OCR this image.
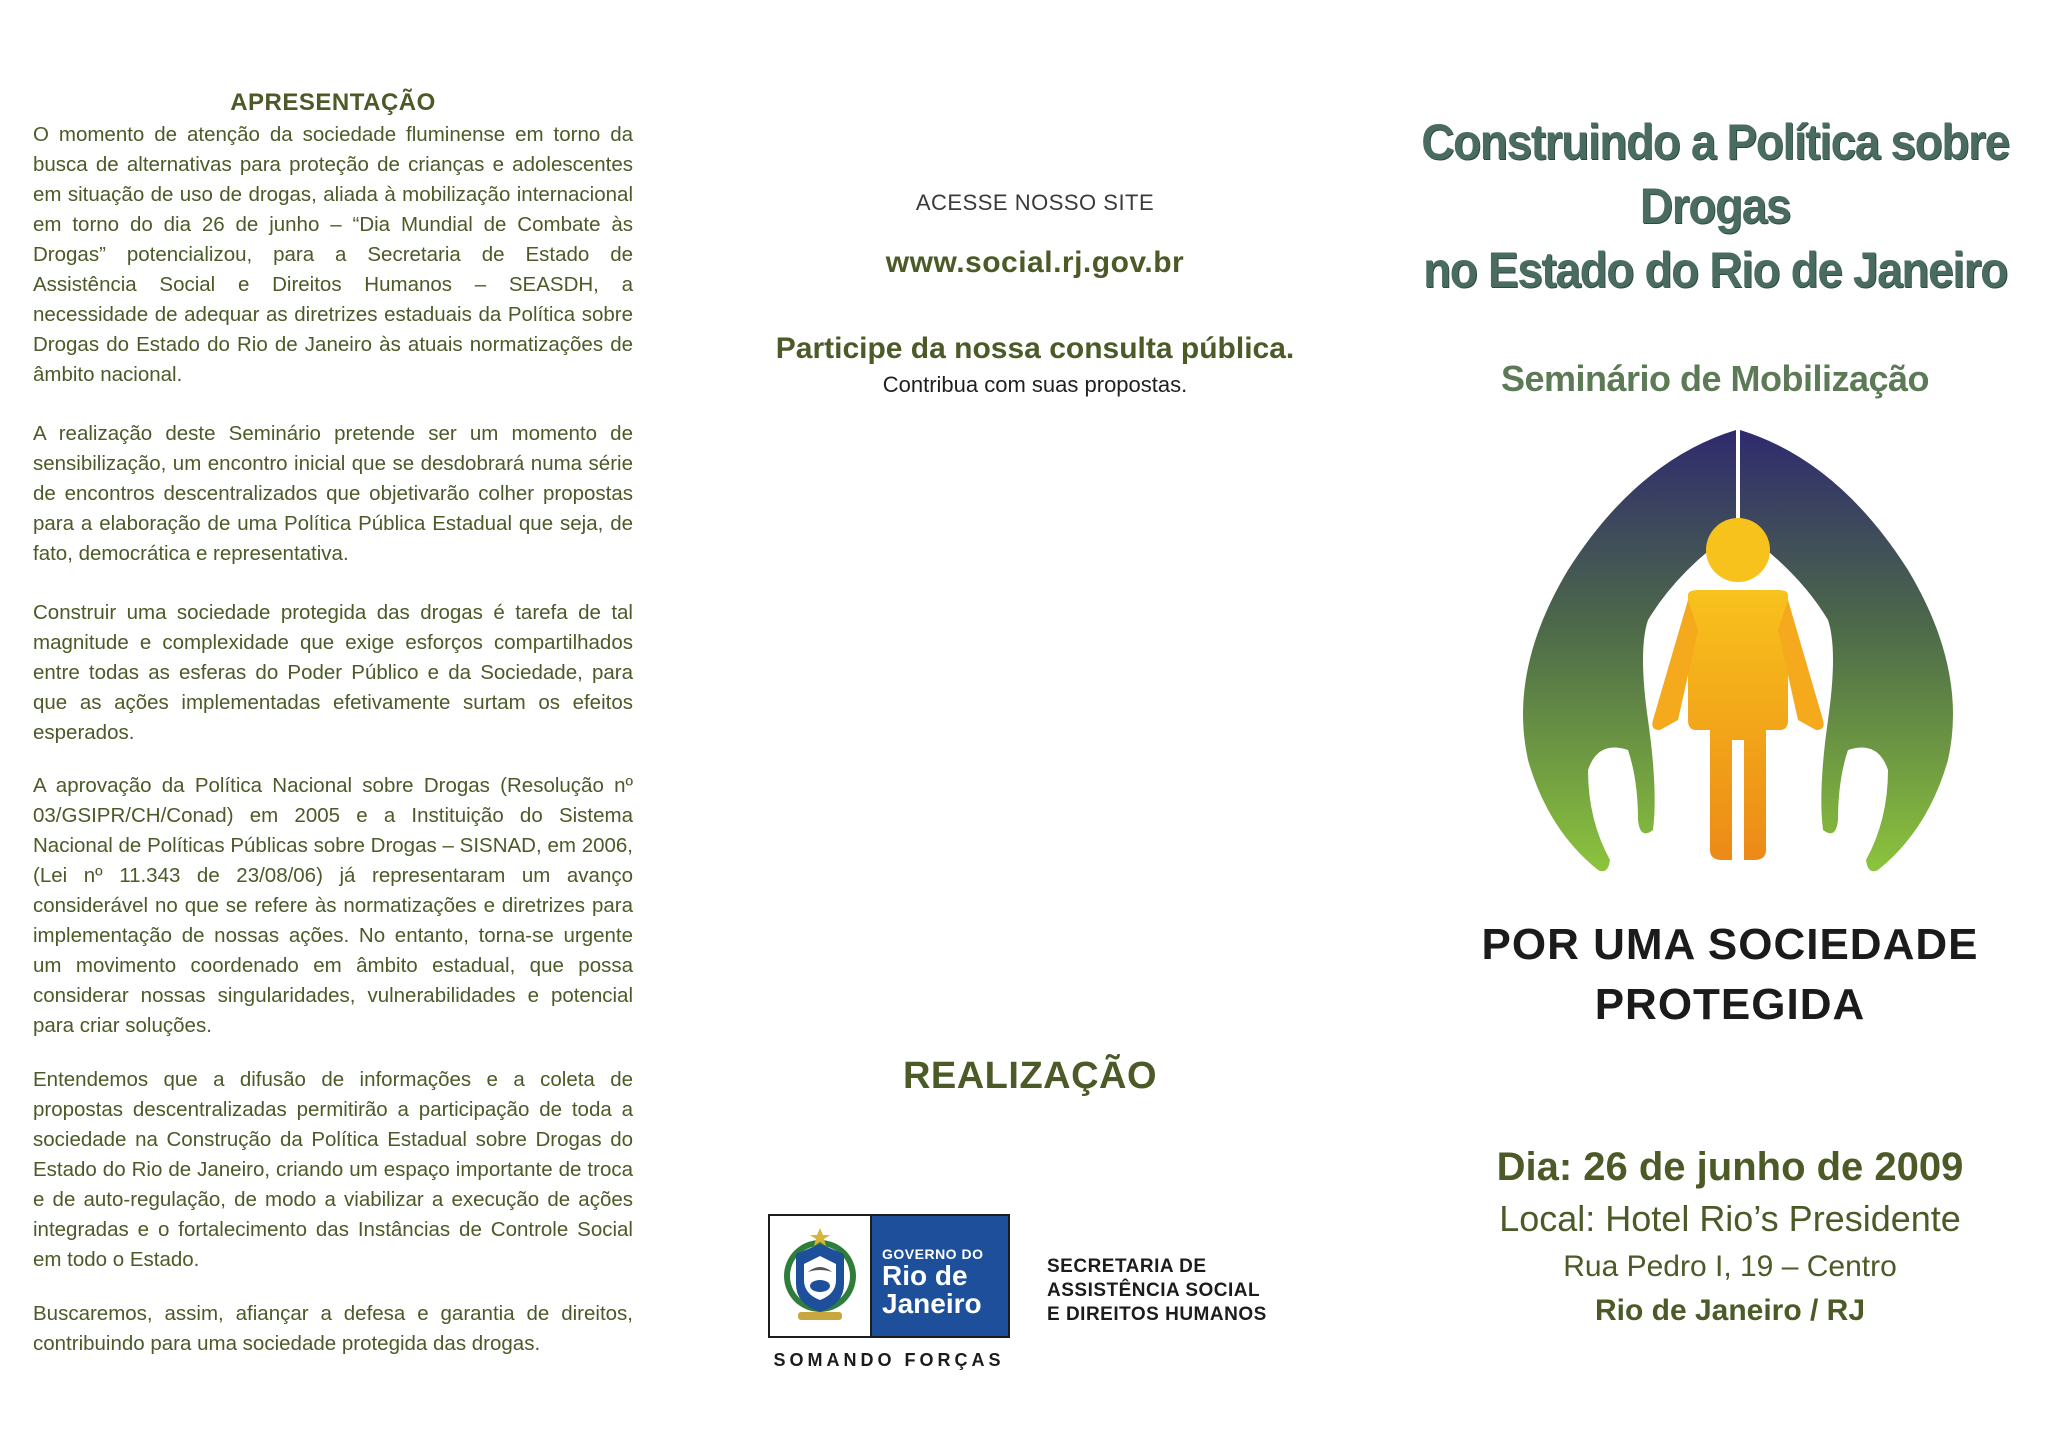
APRESENTAÇÃO

O momento de atenção da sociedade fluminense em torno da busca de alternativas para proteção de crianças e adolescentes em situação de uso de drogas, aliada à mobilização internacional em torno do dia 26 de junho – “Dia Mundial de Combate às Drogas” potencializou, para a Secretaria de Estado de Assistência Social e Direitos Humanos – SEASDH, a necessidade de adequar as diretrizes estaduais da Política sobre Drogas do Estado do Rio de Janeiro às atuais normatizações de âmbito nacional.

A realização deste Seminário pretende ser um momento de sensibilização, um encontro inicial que se desdobrará numa série de encontros descentralizados que objetivarão colher propostas para a elaboração de uma Política Pública Estadual que seja, de fato, democrática e representativa.

Construir uma sociedade protegida das drogas é tarefa de tal magnitude e complexidade que exige esforços compartilhados entre todas as esferas do Poder Público e da Sociedade, para que as ações implementadas efetivamente surtam os efeitos esperados.

A aprovação da Política Nacional sobre Drogas (Resolução nº 03/GSIPR/CH/Conad) em 2005 e a Instituição do Sistema Nacional de Políticas Públicas sobre Drogas – SISNAD, em 2006, (Lei nº 11.343 de 23/08/06) já representaram um avanço considerável no que se refere às normatizações e diretrizes para implementação de nossas ações. No entanto, torna-se urgente um movimento coordenado em âmbito estadual, que possa considerar nossas singularidades, vulnerabilidades e potencial para criar soluções.

Entendemos que a difusão de informações e a coleta de propostas descentralizadas permitirão a participação de toda a sociedade na Construção da Política Estadual sobre Drogas do Estado do Rio de Janeiro, criando um espaço importante de troca e de auto-regulação, de modo a viabilizar a execução de ações integradas e o fortalecimento das Instâncias de Controle Social em todo o Estado.

Buscaremos, assim, afiançar a defesa e garantia de direitos, contribuindo para uma sociedade protegida das drogas.

ACESSE NOSSO SITE
www.social.rj.gov.br
Participe da nossa consulta pública.
Contribua com suas propostas.
REALIZAÇÃO
GOVERNO DO
Rio de
Janeiro
SOMANDO FORÇAS
SECRETARIA DE
ASSISTÊNCIA SOCIAL
E DIREITOS HUMANOS
Construindo a Política sobre Drogas
no Estado do Rio de Janeiro
Seminário de Mobilização
POR UMA SOCIEDADE
PROTEGIDA
Dia: 26 de junho de 2009
Local: Hotel Rio’s Presidente
Rua Pedro I, 19 – Centro
Rio de Janeiro / RJ
